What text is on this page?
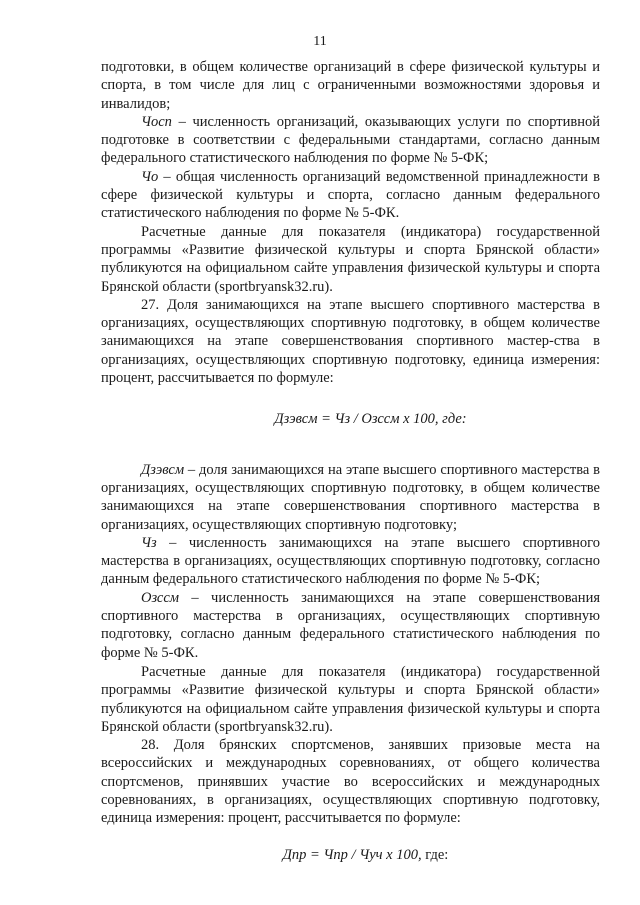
11

подготовки, в общем количестве организаций в сфере физической культуры и спорта, в том числе для лиц с ограниченными возможностями здоровья и инвалидов;

Чосп – численность организаций, оказывающих услуги по спортивной подготовке в соответствии с федеральными стандартами, согласно данным федерального статистического наблюдения по форме № 5-ФК;

Чо – общая численность организаций ведомственной принадлежности в сфере физической культуры и спорта, согласно данным федерального статистического наблюдения по форме № 5-ФК.

Расчетные данные для показателя (индикатора) государственной программы «Развитие физической культуры и спорта Брянской области» публикуются на официальном сайте управления физической культуры и спорта Брянской области (sportbryansk32.ru).

27. Доля занимающихся на этапе высшего спортивного мастерства в организациях, осуществляющих спортивную подготовку, в общем количестве занимающихся на этапе совершенствования спортивного мастер-ства в организациях, осуществляющих спортивную подготовку, единица измерения: процент, рассчитывается по формуле:

Дзэвсм = Чз / Озссм х 100, где:

Дзэвсм – доля занимающихся на этапе высшего спортивного мастерства в организациях, осуществляющих спортивную подготовку, в общем количестве занимающихся на этапе совершенствования спортивного мастерства в организациях, осуществляющих спортивную подготовку;

Чз – численность занимающихся на этапе высшего спортивного мастерства в организациях, осуществляющих спортивную подготовку, согласно данным федерального статистического наблюдения по форме № 5-ФК;

Озссм – численность занимающихся на этапе совершенствования спортивного мастерства в организациях, осуществляющих спортивную подготовку, согласно данным федерального статистического наблюдения по форме № 5-ФК.

Расчетные данные для показателя (индикатора) государственной программы «Развитие физической культуры и спорта Брянской области» публикуются на официальном сайте управления физической культуры и спорта Брянской области (sportbryansk32.ru).

28. Доля брянских спортсменов, занявших призовые места на всероссийских и международных соревнованиях, от общего количества спортсменов, принявших участие во всероссийских и международных соревнованиях, в организациях, осуществляющих спортивную подготовку, единица измерения: процент, рассчитывается по формуле:

Дпр = Чпр / Чуч х 100, где:
